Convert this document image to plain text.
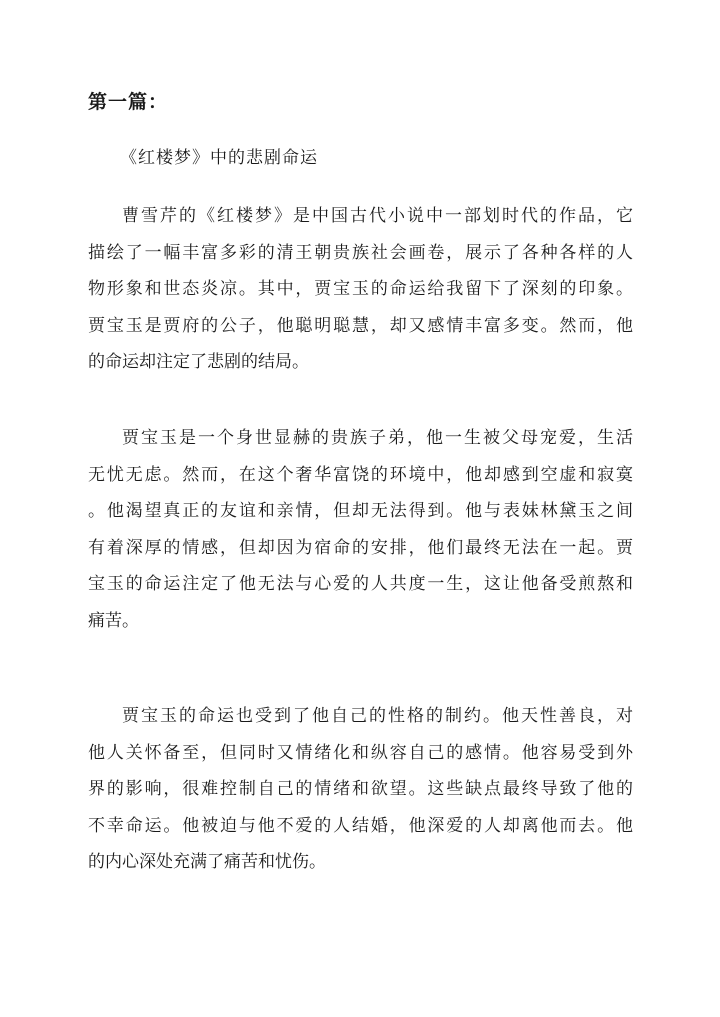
第一篇：

《红楼梦》中的悲剧命运

曹雪芹的《红楼梦》是中国古代小说中一部划时代的作品，它
描绘了一幅丰富多彩的清王朝贵族社会画卷，展示了各种各样的人
物形象和世态炎凉。其中，贾宝玉的命运给我留下了深刻的印象。
贾宝玉是贾府的公子，他聪明聪慧，却又感情丰富多变。然而，他
的命运却注定了悲剧的结局。
贾宝玉是一个身世显赫的贵族子弟，他一生被父母宠爱，生活
无忧无虑。然而，在这个奢华富饶的环境中，他却感到空虚和寂寞
。他渴望真正的友谊和亲情，但却无法得到。他与表妹林黛玉之间
有着深厚的情感，但却因为宿命的安排，他们最终无法在一起。贾
宝玉的命运注定了他无法与心爱的人共度一生，这让他备受煎熬和
痛苦。
贾宝玉的命运也受到了他自己的性格的制约。他天性善良，对
他人关怀备至，但同时又情绪化和纵容自己的感情。他容易受到外
界的影响，很难控制自己的情绪和欲望。这些缺点最终导致了他的
不幸命运。他被迫与他不爱的人结婚，他深爱的人却离他而去。他
的内心深处充满了痛苦和忧伤。
